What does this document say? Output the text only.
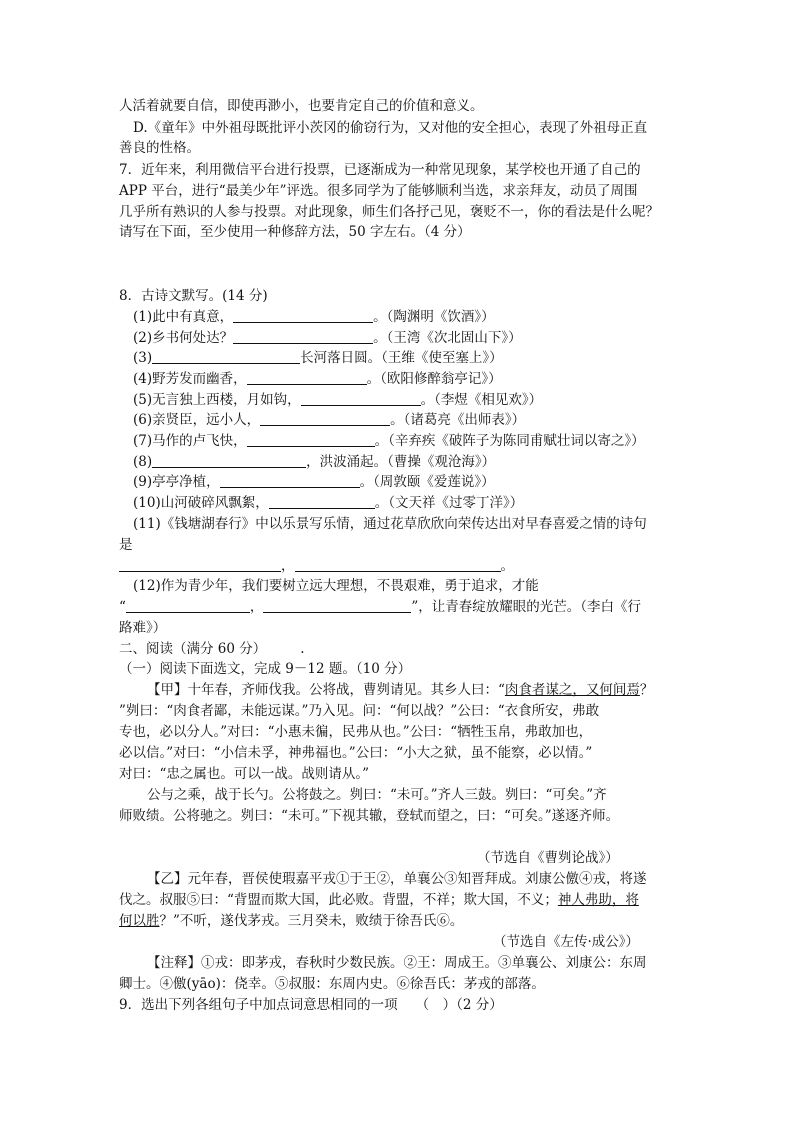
人活着就要自信，即使再渺小，也要肯定自己的价值和意义。
D.《童年》中外祖母既批评小茨冈的偷窃行为，又对他的安全担心，表现了外祖母正直
善良的性格。
7．近年来，利用微信平台进行投票，已逐渐成为一种常见现象，某学校也开通了自己的
APP 平台，进行“最美少年”评选。很多同学为了能够顺利当选，求亲拜友，动员了周围
几乎所有熟识的人参与投票。对此现象，师生们各抒己见，褒贬不一，你的看法是什么呢？
请写在下面，至少使用一种修辞方法，50 字左右。（4 分）
8．古诗文默写。(14 分)
(1)此中有真意，	。（陶渊明《饮酒》）
(2)乡书何处达？	。（王湾《次北固山下》）
(3)	长河落日圆。（王维《使至塞上》）
(4)野芳发而幽香，	。（欧阳修醉翁亭记》）
(5)无言独上西楼，月如钩，	。（李煜《相见欢》）
(6)亲贤臣，远小人，	。（诸葛亮《出师表》）
(7)马作的卢飞快，	。（辛弃疾《破阵子为陈同甫赋壮词以寄之》）
(8)	，洪波涌起。（曹操《观沧海》）
(9)亭亭净植，	。（周敦颐《爱莲说》）
(10)山河破碎风飘絮，	。（文天祥《过零丁洋》）
(11)《钱塘湖春行》中以乐景写乐情，通过花草欣欣向荣传达出对早春喜爱之情的诗句
是
，	。
(12)作为青少年，我们要树立远大理想，不畏艰难，勇于追求，才能
“	，	”，让青春绽放耀眼的光芒。（李白《行
路难》）
二、阅读（满分 60 分）	.
（一）阅读下面选文，完成 9－12 题。（10 分）
【甲】十年春，齐师伐我。公将战，曹刿请见。其乡人曰：“肉食者谋之，又何间焉？
”刿曰：“肉食者鄙，未能远谋。”乃入见。问：“何以战？”公曰：“衣食所安，弗敢
专也，必以分人。”对曰：“小惠未徧，民弗从也。”公曰：“牺牲玉帛，弗敢加也，
必以信。”对曰：“小信未孚，神弗福也。”公曰：“小大之狱，虽不能察，必以情。”
对曰：“忠之属也。可以一战。战则请从。”
公与之乘，战于长勺。公将鼓之。刿曰：“未可。”齐人三鼓。刿曰：“可矣。”齐
师败绩。公将驰之。刿曰：“未可。”下视其辙，登轼而望之，曰：“可矣。”遂逐齐师。
（节选自《曹刿论战》）
【乙】元年春，晋侯使瑕嘉平戎①于王②，单襄公③知晋拜成。刘康公儌④戎，将遂
伐之。叔服⑤曰：“背盟而欺大国，此必败。背盟，不祥；欺大国，不义；神人弗助，将
何以胜？”不听，遂伐茅戎。三月癸未，败绩于徐吾氏⑥。
（节选自《左传·成公》）
【注释】①戎：即茅戎，春秋时少数民族。②王：周成王。③单襄公、刘康公：东周
卿士。④儌(yāo)：侥幸。⑤叔服：东周内史。⑥徐吾氏：茅戎的部落。
9．选出下列各组句子中加点词意思相同的一项 （　）（2 分）
